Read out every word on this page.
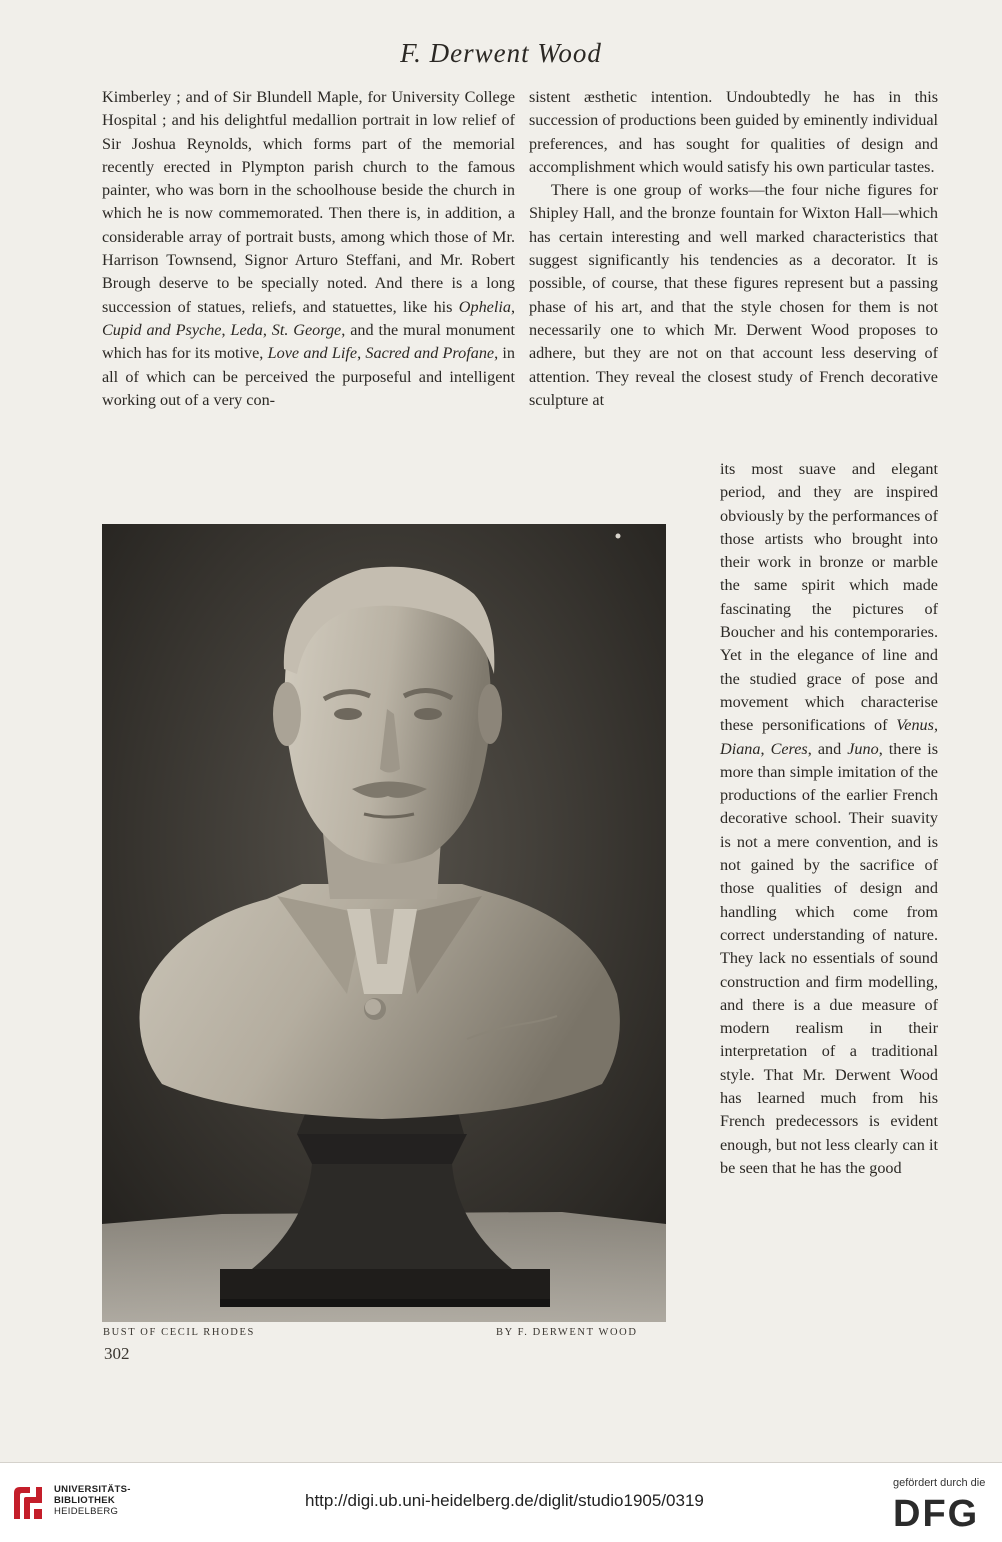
F. Derwent Wood

Kimberley ; and of Sir Blundell Maple, for University College Hospital ; and his delightful medallion portrait in low relief of Sir Joshua Reynolds, which forms part of the memorial recently erected in Plympton parish church to the famous painter, who was born in the schoolhouse beside the church in which he is now commemorated. Then there is, in addition, a considerable array of portrait busts, among which those of Mr. Harrison Townsend, Signor Arturo Steffani, and Mr. Robert Brough deserve to be specially noted. And there is a long succession of statues, reliefs, and statuettes, like his Ophelia, Cupid and Psyche, Leda, St. George, and the mural monument which has for its motive, Love and Life, Sacred and Profane, in all of which can be perceived the purposeful and intelligent working out of a very con-

sistent æsthetic intention. Undoubtedly he has in this succession of productions been guided by eminently individual preferences, and has sought for qualities of design and accomplishment which would satisfy his own particular tastes.

There is one group of works—the four niche figures for Shipley Hall, and the bronze fountain for Wixton Hall—which has certain interesting and well marked characteristics that suggest significantly his tendencies as a decorator. It is possible, of course, that these figures represent but a passing phase of his art, and that the style chosen for them is not necessarily one to which Mr. Derwent Wood proposes to adhere, but they are not on that account less deserving of attention. They reveal the closest study of French decorative sculpture at

its most suave and elegant period, and they are inspired obviously by the performances of those artists who brought into their work in bronze or marble the same spirit which made fascinating the pictures of Boucher and his contemporaries. Yet in the elegance of line and the studied grace of pose and movement which characterise these personifications of Venus, Diana, Ceres, and Juno, there is more than simple imitation of the productions of the earlier French decorative school. Their suavity is not a mere convention, and is not gained by the sacrifice of those qualities of design and handling which come from correct understanding of nature. They lack no essentials of sound construction and firm modelling, and there is a due measure of modern realism in their interpretation of a traditional style. That Mr. Derwent Wood has learned much from his French predecessors is evident enough, but not less clearly can it be seen that he has the good

BUST OF CECIL RHODES	BY F. DERWENT WOOD
302
UNIVERSITÄTS-
BIBLIOTHEK
HEIDELBERG
http://digi.ub.uni-heidelberg.de/diglit/studio1905/0319
gefördert durch die
DFG
